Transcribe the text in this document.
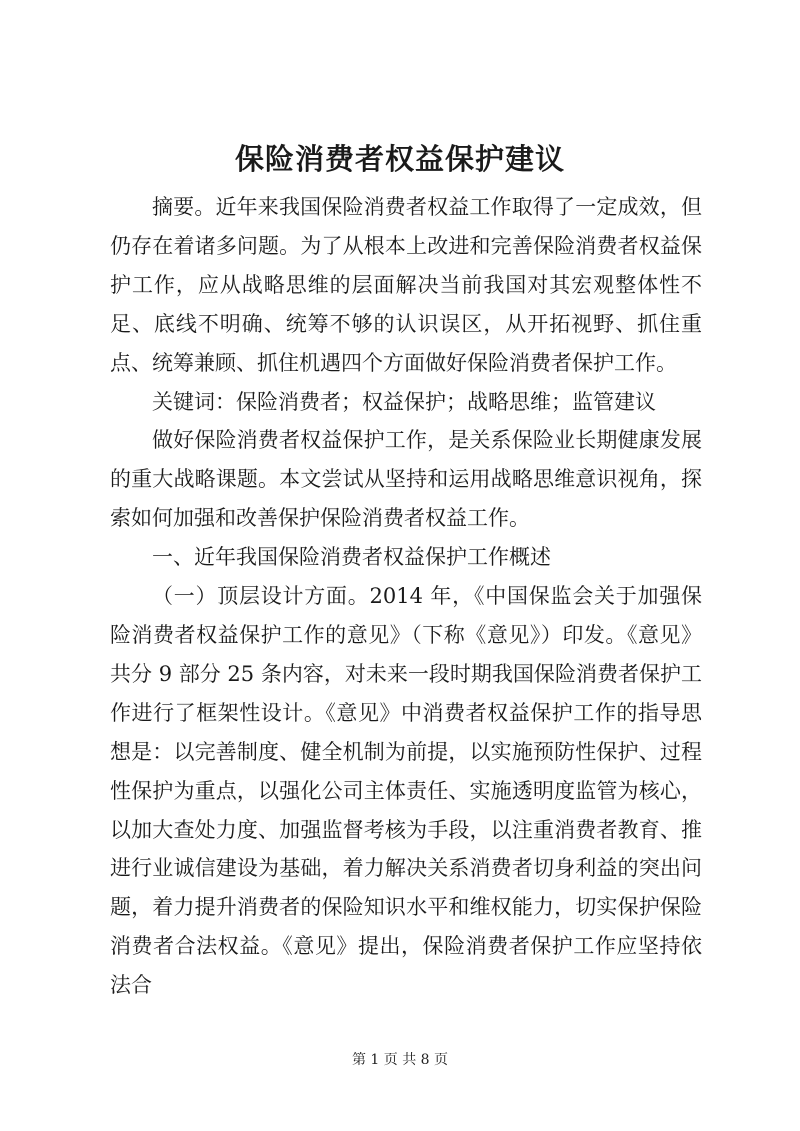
保险消费者权益保护建议

摘要。近年来我国保险消费者权益工作取得了一定成效，但仍存在着诸多问题。为了从根本上改进和完善保险消费者权益保护工作，应从战略思维的层面解决当前我国对其宏观整体性不足、底线不明确、统筹不够的认识误区，从开拓视野、抓住重点、统筹兼顾、抓住机遇四个方面做好保险消费者保护工作。

关键词：保险消费者；权益保护；战略思维；监管建议

做好保险消费者权益保护工作，是关系保险业长期健康发展的重大战略课题。本文尝试从坚持和运用战略思维意识视角，探索如何加强和改善保护保险消费者权益工作。

一、近年我国保险消费者权益保护工作概述

（一）顶层设计方面。2014 年，《中国保监会关于加强保险消费者权益保护工作的意见》（下称《意见》）印发。《意见》共分 9 部分 25 条内容，对未来一段时期我国保险消费者保护工作进行了框架性设计。《意见》中消费者权益保护工作的指导思想是：以完善制度、健全机制为前提，以实施预防性保护、过程性保护为重点，以强化公司主体责任、实施透明度监管为核心，以加大查处力度、加强监督考核为手段，以注重消费者教育、推进行业诚信建设为基础，着力解决关系消费者切身利益的突出问题，着力提升消费者的保险知识水平和维权能力，切实保护保险消费者合法权益。《意见》提出，保险消费者保护工作应坚持依法合

第 1 页 共 8 页
